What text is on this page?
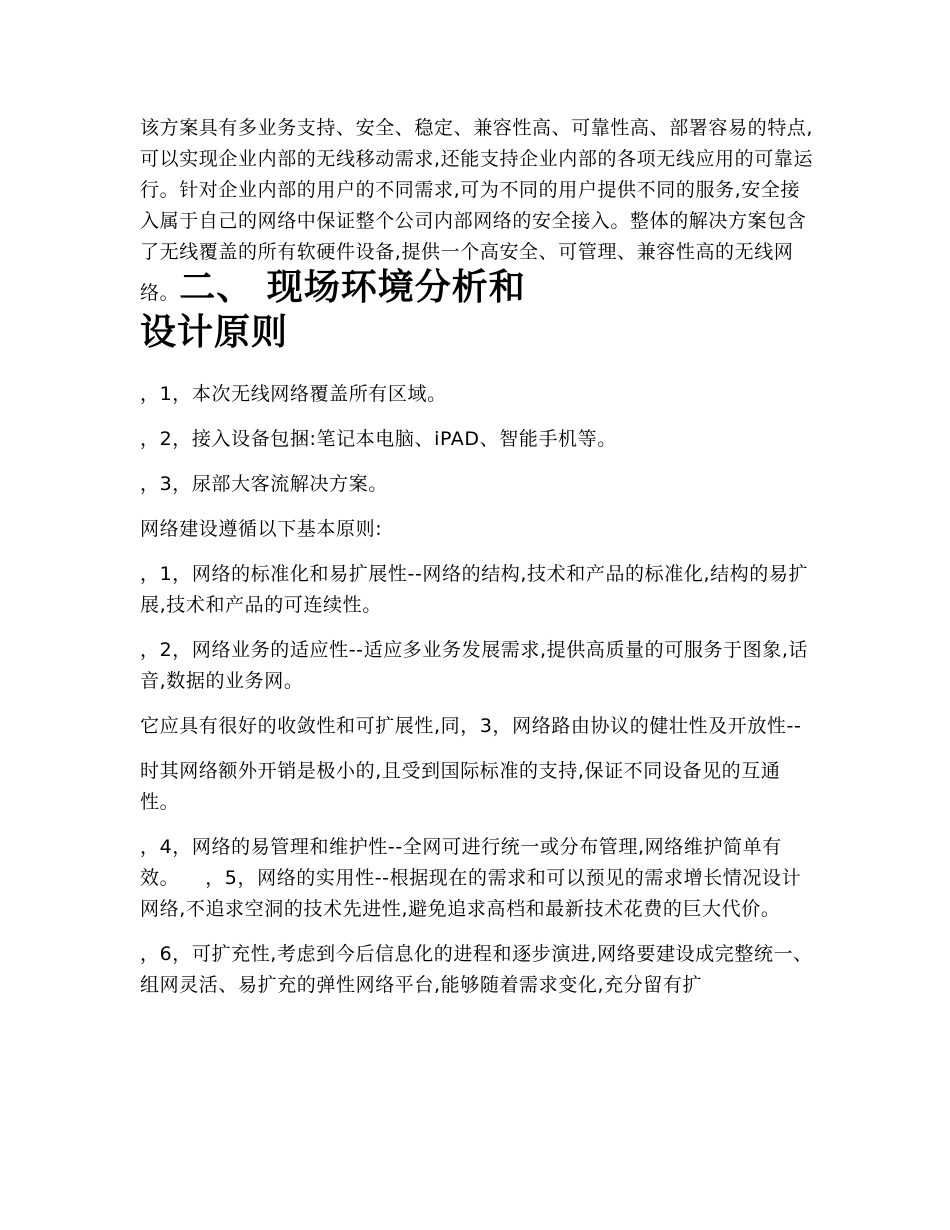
该方案具有多业务支持、安全、稳定、兼容性高、可靠性高、部署容易的特点,可以实现企业内部的无线移动需求,还能支持企业内部的各项无线应用的可靠运行。针对企业内部的用户的不同需求,可为不同的用户提供不同的服务,安全接入属于自己的网络中保证整个公司内部网络的安全接入。整体的解决方案包含了无线覆盖的所有软硬件设备,提供一个高安全、可管理、兼容性高的无线网络。二、 现场环境分析和
设计原则

，1，本次无线网络覆盖所有区域。

，2，接入设备包捆:笔记本电脑、iPAD、智能手机等。

，3，尿部大客流解决方案。

网络建设遵循以下基本原则:

，1，网络的标准化和易扩展性--网络的结构,技术和产品的标准化,结构的易扩展,技术和产品的可连续性。

，2，网络业务的适应性--适应多业务发展需求,提供高质量的可服务于图象,话音,数据的业务网。

它应具有很好的收敛性和可扩展性,同，3，网络路由协议的健壮性及开放性--

时其网络额外开销是极小的,且受到国际标准的支持,保证不同设备见的互通性。

，4，网络的易管理和维护性--全网可进行统一或分布管理,网络维护简单有效。 ，5，网络的实用性--根据现在的需求和可以预见的需求增长情况设计网络,不追求空洞的技术先进性,避免追求高档和最新技术花费的巨大代价。

，6，可扩充性,考虑到今后信息化的进程和逐步演进,网络要建设成完整统一、组网灵活、易扩充的弹性网络平台,能够随着需求变化,充分留有扩
